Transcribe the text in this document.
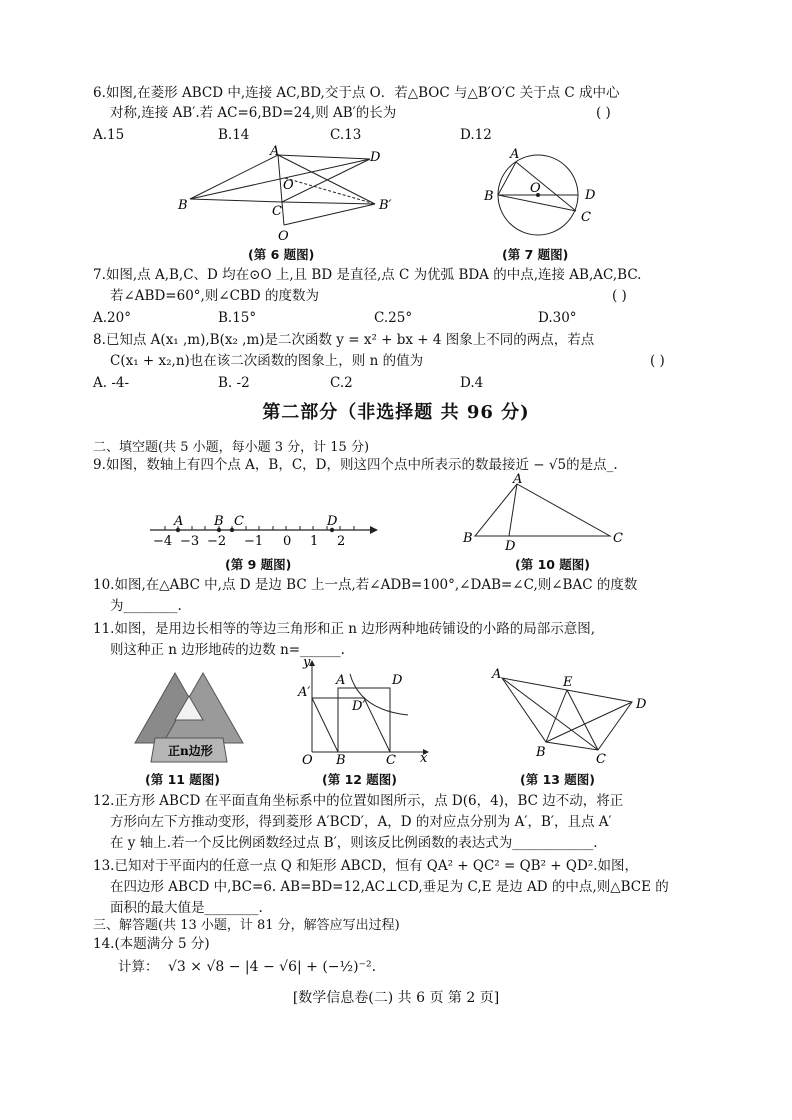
6.如图,在菱形 ABCD 中,连接 AC,BD,交于点 O．若△BOC 与△B′O′C 关于点 C 成中心
对称,连接 AB′.若 AC=6,BD=24,则 AB′的长为	( )
A.15	B.14	C.13	D.12
A	D
O
B	C	B′
O
(第 6 题图)
A
O	D
B
C
(第 7 题图)
7.如图,点 A,B,C、D 均在⊙O 上,且 BD 是直径,点 C 为优弧 BDA 的中点,连接 AB,AC,BC.
若∠ABD=60°,则∠CBD 的度数为	( )
A.20°	B.15°	C.25°	D.30°
8.已知点 A(x₁ ,m),B(x₂ ,m)是二次函数 y = x² + bx + 4 图象上不同的两点，若点
C(x₁ + x₂,n)也在该二次函数的图象上，则 n 的值为	( )
A. -4-	B. -2	C.2	D.4
第二部分（非选择题 共 96 分)
二、填空题(共 5 小题，每小题 3 分，计 15 分)
9.如图，数轴上有四个点 A，B，C，D，则这四个点中所表示的数最接近 − √5的是点_.
A B C	D
−4 −3 −2 −1 0 1 2
(第 9 题图)
A
B
D
C
(第 10 题图)
10.如图,在△ABC 中,点 D 是边 BC 上一点,若∠ADB=100°,∠DAB=∠C,则∠BAC 的度数
为________.
11.如图，是用边长相等的等边三角形和正 n 边形两种地砖铺设的小路的局部示意图,
则这种正 n 边形地砖的边数 n=______.
正n边形
(第 11 题图)
y
A′
A	D
D′
O B	C x
(第 12 题图)
A
E
D
B	C
(第 13 题图)
12.正方形 ABCD 在平面直角坐标系中的位置如图所示，点 D(6，4)，BC 边不动，将正
方形向左下方推动变形，得到菱形 A′BCD′，A，D 的对应点分别为 A′，B′，且点 A′
在 y 轴上.若一个反比例函数经过点 B′，则该反比例函数的表达式为____________.
13.已知对于平面内的任意一点 Q 和矩形 ABCD，恒有 QA² + QC² = QB² + QD².如图，
在四边形 ABCD 中,BC=6. AB=BD=12,AC⊥CD,垂足为 C,E 是边 AD 的中点,则△BCE 的
面积的最大值是________.
三、解答题(共 13 小题，计 81 分，解答应写出过程)
14.(本题满分 5 分)
计算： √3 × √8 − |4 − √6| + (−½)⁻².
[数学信息卷(二) 共 6 页 第 2 页]
